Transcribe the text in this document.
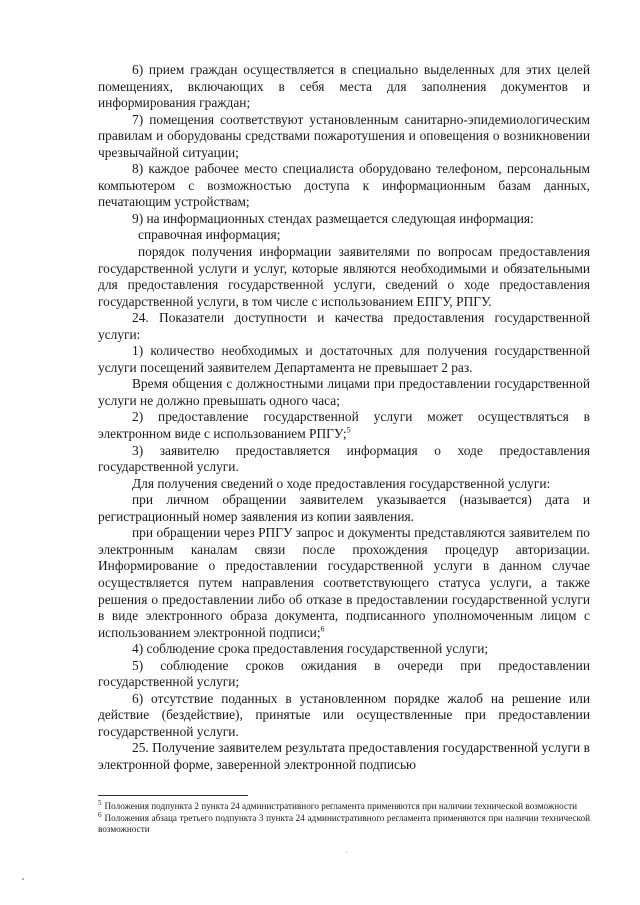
6) прием граждан осуществляется в специально выделенных для этих целей помещениях, включающих в себя места для заполнения документов и информирования граждан;

7) помещения соответствуют установленным санитарно-эпидемиологическим правилам и оборудованы средствами пожаротушения и оповещения о возникновении чрезвычайной ситуации;

8) каждое рабочее место специалиста оборудовано телефоном, персональным компьютером с возможностью доступа к информационным базам данных, печатающим устройствам;

9) на информационных стендах размещается следующая информация:

справочная информация;

порядок получения информации заявителями по вопросам предоставления государственной услуги и услуг, которые являются необходимыми и обязательными для предоставления государственной услуги, сведений о ходе предоставления государственной услуги, в том числе с использованием ЕПГУ, РПГУ.

24. Показатели доступности и качества предоставления государственной услуги:

1) количество необходимых и достаточных для получения государственной услуги посещений заявителем Департамента не превышает 2 раз.

Время общения с должностными лицами при предоставлении государственной услуги не должно превышать одного часа;

2) предоставление государственной услуги может осуществляться в электронном виде с использованием РПГУ;$^5$

3) заявителю предоставляется информация о ходе предоставления государственной услуги.

Для получения сведений о ходе предоставления государственной услуги:

при личном обращении заявителем указывается (называется) дата и регистрационный номер заявления из копии заявления.

при обращении через РПГУ запрос и документы представляются заявителем по электронным каналам связи после прохождения процедур авторизации. Информирование о предоставлении государственной услуги в данном случае осуществляется путем направления соответствующего статуса услуги, а также решения о предоставлении либо об отказе в предоставлении государственной услуги в виде электронного образа документа, подписанного уполномоченным лицом с использованием электронной подписи;$^6$

4) соблюдение срока предоставления государственной услуги;

5) соблюдение сроков ожидания в очереди при предоставлении государственной услуги;

6) отсутствие поданных в установленном порядке жалоб на решение или действие (бездействие), принятые или осуществленные при предоставлении государственной услуги.

25. Получение заявителем результата предоставления государственной услуги в электронной форме, заверенной электронной подписью

$^5$ Положения подпункта 2 пункта 24 административного регламента применяются при наличии технической возможности

$^6$ Положения абзаца третьего подпункта 3 пункта 24 административного регламента применяются при наличии технической возможности
